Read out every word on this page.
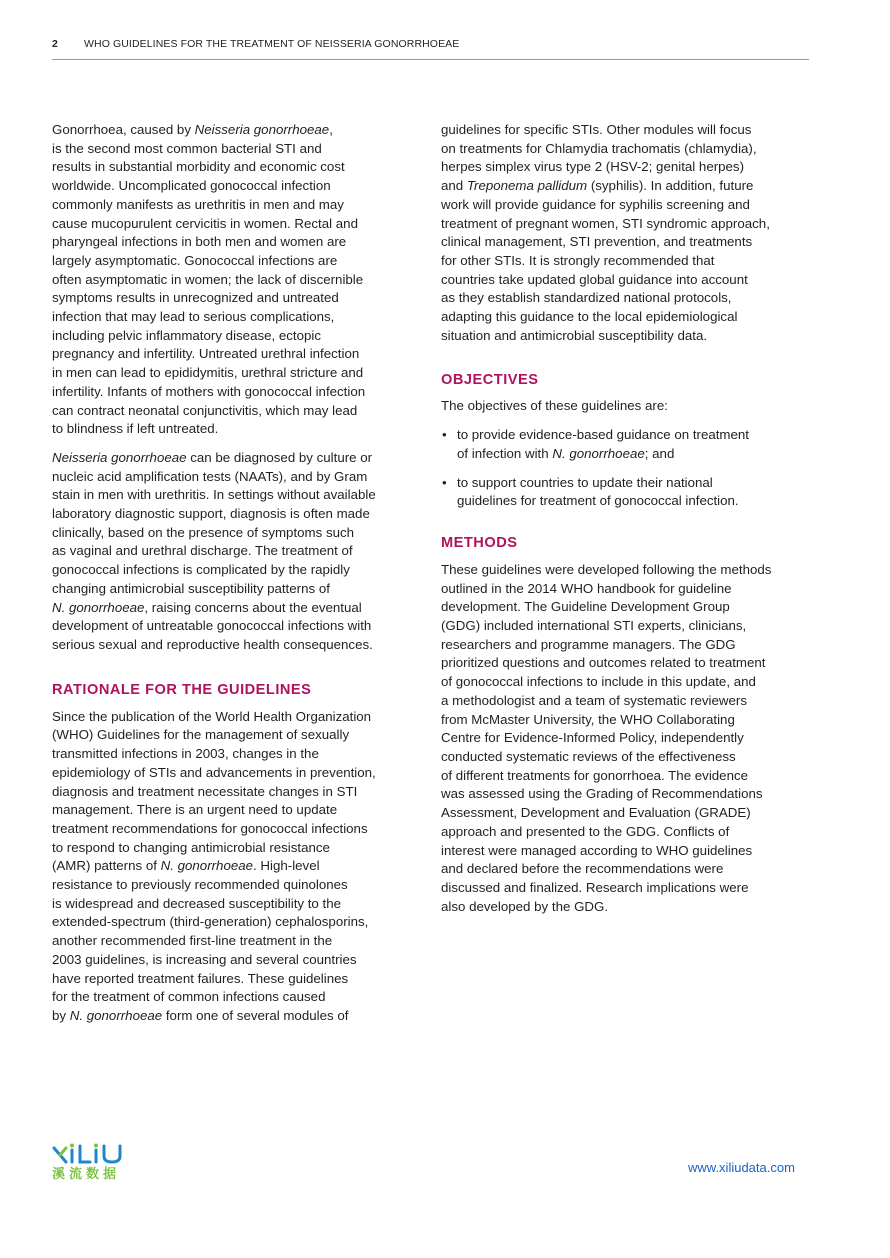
2 WHO GUIDELINES FOR THE TREATMENT OF NEISSERIA GONORRHOEAE

Gonorrhoea, caused by Neisseria gonorrhoeae,
is the second most common bacterial STI and
results in substantial morbidity and economic cost
worldwide. Uncomplicated gonococcal infection
commonly manifests as urethritis in men and may
cause mucopurulent cervicitis in women. Rectal and
pharyngeal infections in both men and women are
largely asymptomatic. Gonococcal infections are
often asymptomatic in women; the lack of discernible
symptoms results in unrecognized and untreated
infection that may lead to serious complications,
including pelvic inflammatory disease, ectopic
pregnancy and infertility. Untreated urethral infection
in men can lead to epididymitis, urethral stricture and
infertility. Infants of mothers with gonococcal infection
can contract neonatal conjunctivitis, which may lead
to blindness if left untreated.

Neisseria gonorrhoeae can be diagnosed by culture or
nucleic acid amplification tests (NAATs), and by Gram
stain in men with urethritis. In settings without available
laboratory diagnostic support, diagnosis is often made
clinically, based on the presence of symptoms such
as vaginal and urethral discharge. The treatment of
gonococcal infections is complicated by the rapidly
changing antimicrobial susceptibility patterns of
N. gonorrhoeae, raising concerns about the eventual
development of untreatable gonococcal infections with
serious sexual and reproductive health consequences.

RATIONALE FOR THE GUIDELINES

Since the publication of the World Health Organization
(WHO) Guidelines for the management of sexually
transmitted infections in 2003, changes in the
epidemiology of STIs and advancements in prevention,
diagnosis and treatment necessitate changes in STI
management. There is an urgent need to update
treatment recommendations for gonococcal infections
to respond to changing antimicrobial resistance
(AMR) patterns of N. gonorrhoeae. High-level
resistance to previously recommended quinolones
is widespread and decreased susceptibility to the
extended-spectrum (third-generation) cephalosporins,
another recommended first-line treatment in the
2003 guidelines, is increasing and several countries
have reported treatment failures. These guidelines
for the treatment of common infections caused
by N. gonorrhoeae form one of several modules of

guidelines for specific STIs. Other modules will focus
on treatments for Chlamydia trachomatis (chlamydia),
herpes simplex virus type 2 (HSV-2; genital herpes)
and Treponema pallidum (syphilis). In addition, future
work will provide guidance for syphilis screening and
treatment of pregnant women, STI syndromic approach,
clinical management, STI prevention, and treatments
for other STIs. It is strongly recommended that
countries take updated global guidance into account
as they establish standardized national protocols,
adapting this guidance to the local epidemiological
situation and antimicrobial susceptibility data.

OBJECTIVES

The objectives of these guidelines are:

• to provide evidence-based guidance on treatment
of infection with N. gonorrhoeae; and
• to support countries to update their national
guidelines for treatment of gonococcal infection.
METHODS

These guidelines were developed following the methods
outlined in the 2014 WHO handbook for guideline
development. The Guideline Development Group
(GDG) included international STI experts, clinicians,
researchers and programme managers. The GDG
prioritized questions and outcomes related to treatment
of gonococcal infections to include in this update, and
a methodologist and a team of systematic reviewers
from McMaster University, the WHO Collaborating
Centre for Evidence-Informed Policy, independently
conducted systematic reviews of the effectiveness
of different treatments for gonorrhoea. The evidence
was assessed using the Grading of Recommendations
Assessment, Development and Evaluation (GRADE)
approach and presented to the GDG. Conflicts of
interest were managed according to WHO guidelines
and declared before the recommendations were
discussed and finalized. Research implications were
also developed by the GDG.

溪流数据	www.xiliudata.com
